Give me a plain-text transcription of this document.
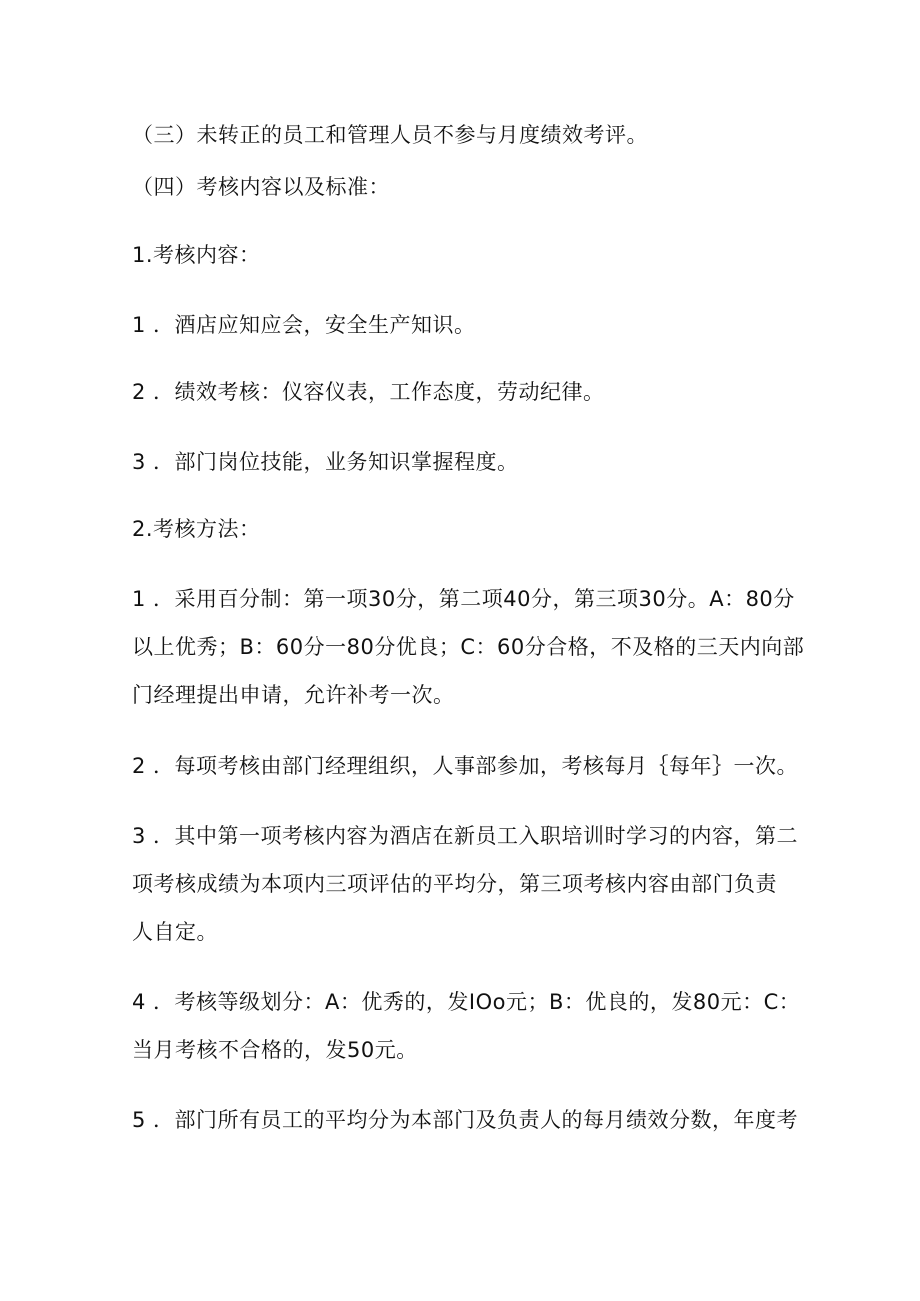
（三）未转正的员工和管理人员不参与月度绩效考评。
（四）考核内容以及标准：
1.考核内容：
1 ．酒店应知应会，安全生产知识。
2 ．绩效考核：仪容仪表，工作态度，劳动纪律。
3 ．部门岗位技能，业务知识掌握程度。
2.考核方法：
1 ．采用百分制：第一项30分，第二项40分，第三项30分。A：80分
以上优秀；B：60分一80分优良；C：60分合格，不及格的三天内向部
门经理提出申请，允许补考一次。
2 ．每项考核由部门经理组织，人事部参加，考核每月｛每年｝一次。
3 ．其中第一项考核内容为酒店在新员工入职培训时学习的内容，第二
项考核成绩为本项内三项评估的平均分，第三项考核内容由部门负责
人自定。
4 ．考核等级划分：A：优秀的，发IOo元；B：优良的，发80元：C：
当月考核不合格的，发50元。
5 ．部门所有员工的平均分为本部门及负责人的每月绩效分数，年度考
